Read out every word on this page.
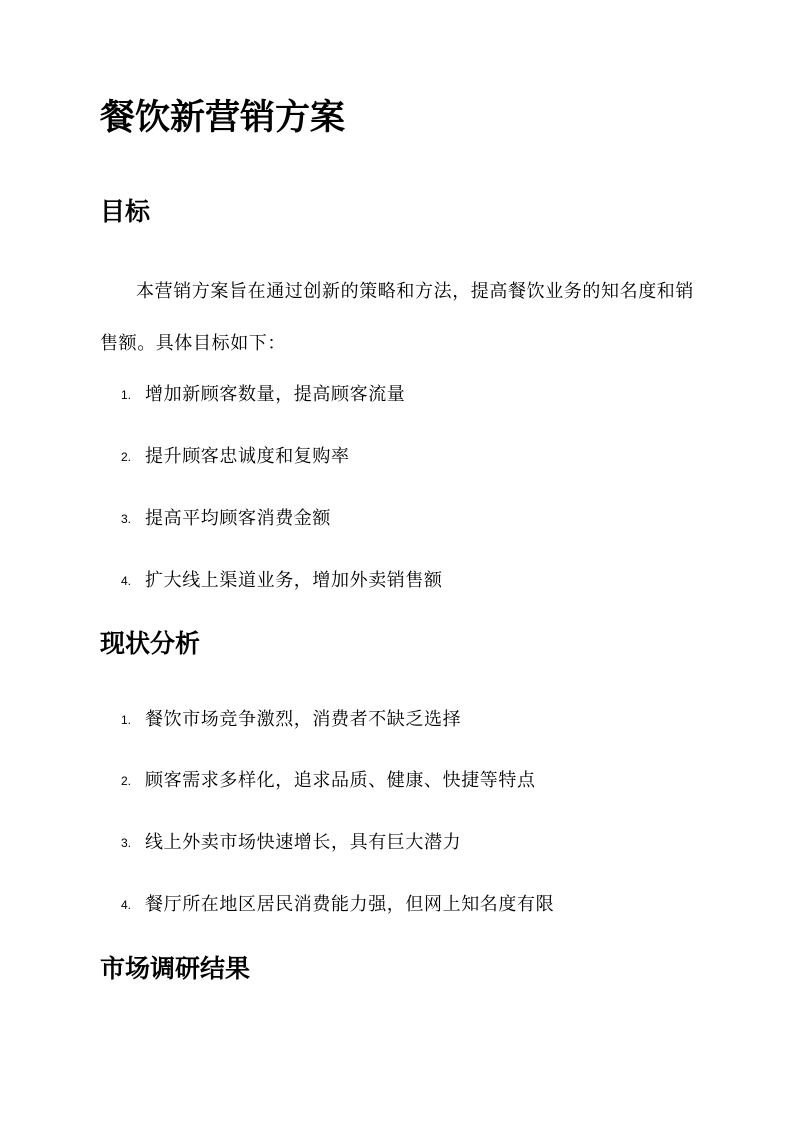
餐饮新营销方案
目标

本营销方案旨在通过创新的策略和方法，提高餐饮业务的知名度和销售额。具体目标如下：

1. 增加新顾客数量，提高顾客流量
2. 提升顾客忠诚度和复购率
3. 提高平均顾客消费金额
4. 扩大线上渠道业务，增加外卖销售额
现状分析
1. 餐饮市场竞争激烈，消费者不缺乏选择
2. 顾客需求多样化，追求品质、健康、快捷等特点
3. 线上外卖市场快速增长，具有巨大潜力
4. 餐厅所在地区居民消费能力强，但网上知名度有限
市场调研结果
